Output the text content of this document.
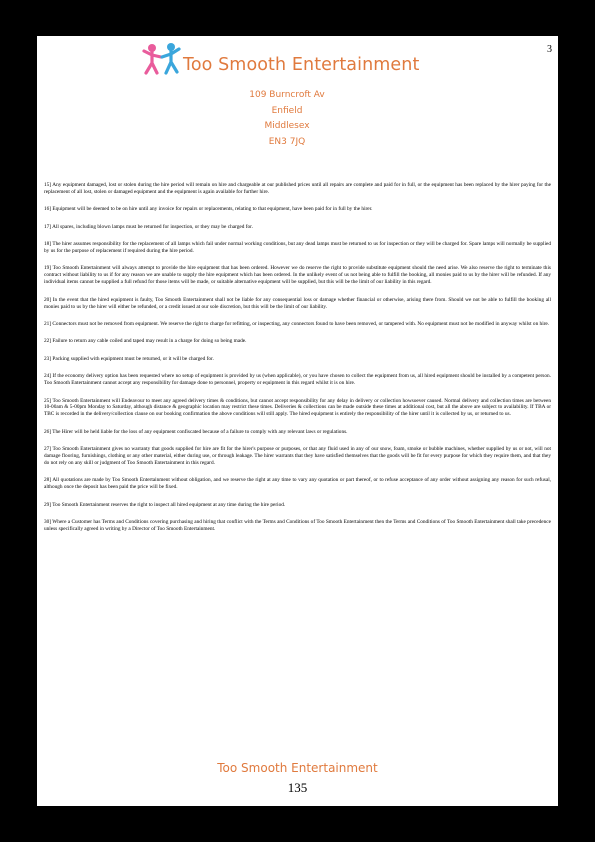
3
Too Smooth Entertainment
109 Burncroft Av
Enfield
Middlesex
EN3 7JQ

15] Any equipment damaged, lost or stolen during the hire period will remain on hire and chargeable at our published prices until all repairs are complete and paid for in full, or the equipment has been replaced by the hirer paying for the replacement of all lost, stolen or damaged equipment and the equipment is again available for further hire.

16] Equipment will be deemed to be on hire until any invoice for repairs or replacements, relating to that equipment, have been paid for in full by the hirer.

17] All spares, including blown lamps must be returned for inspection, or they may be charged for.

18] The hirer assumes responsibility for the replacement of all lamps which fail under normal working conditions, but any dead lamps must be returned to us for inspection or they will be charged for. Spare lamps will normally be supplied by us for the purpose of replacement if required during the hire period.

19] Too Smooth Entertainment will always attempt to provide the hire equipment that has been ordered. However we do reserve the right to provide substitute equipment should the need arise. We also reserve the right to terminate this contract without liability to us if for any reason we are unable to supply the hire equipment which has been ordered. In the unlikely event of us not being able to fulfill the booking, all monies paid to us by the hirer will be refunded. If any individual items cannot be supplied a full refund for those items will be made, or suitable alternative equipment will be supplied, but this will be the limit of our liability in this regard.

20] In the event that the hired equipment is faulty, Too Smooth Entertainment shall not be liable for any consequential loss or damage whether financial or otherwise, arising there from. Should we not be able to fulfill the booking all monies paid to us by the hirer will either be refunded, or a credit issued at our sole discretion, but this will be the limit of our liability.

21] Connectors must not be removed from equipment. We reserve the right to charge for refitting, or inspecting, any connectors found to have been removed, or tampered with. No equipment must not be modified in anyway whilst on hire.

22] Failure to return any cable coiled and taped may result in a charge for doing so being made.

23] Packing supplied with equipment must be returned, or it will be charged for.

24] If the economy delivery option has been requested where no setup of equipment is provided by us (when applicable), or you have chosen to collect the equipment from us, all hired equipment should be installed by a competent person. Too Smooth Entertainment cannot accept any responsibility for damage done to personnel, property or equipment in this regard whilst it is on hire.

25] Too Smooth Entertainment will Endeavour to meet any agreed delivery times & conditions, but cannot accept responsibility for any delay in delivery or collection howsoever caused. Normal delivery and collection times are between 10-00am & 5-00pm Monday to Saturday, although distance & geographic location may restrict these times. Deliveries & collections can be made outside these times at additional cost, but all the above are subject to availability. If TBA or TBC is recorded in the delivery/collection clause on our booking confirmation the above conditions will still apply. The hired equipment is entirely the responsibility of the hirer until it is collected by us, or returned to us.

26] The Hirer will be held liable for the loss of any equipment confiscated because of a failure to comply with any relevant laws or regulations.

27] Too Smooth Entertainment gives no warranty that goods supplied for hire are fit for the hirer's purpose or purposes, or that any fluid used in any of our snow, foam, smoke or bubble machines, whether supplied by us or not, will not damage flooring, furnishings, clothing or any other material, either during use, or through leakage. The hirer warrants that they have satisfied themselves that the goods will be fit for every purpose for which they require them, and that they do not rely on any skill or judgment of Too Smooth Entertainment in this regard.

28] All quotations are made by Too Smooth Entertainment without obligation, and we reserve the right at any time to vary any quotation or part thereof, or to refuse acceptance of any order without assigning any reason for such refusal, although once the deposit has been paid the price will be fixed.

29] Too Smooth Entertainment reserves the right to inspect all hired equipment at any time during the hire period.

30] Where a Customer has Terms and Conditions covering purchasing and hiring that conflict with the Terms and Conditions of Too Smooth Entertainment then the Terms and Conditions of Too Smooth Entertainment shall take precedence unless specifically agreed in writing by a Director of Too Smooth Entertainment.

Too Smooth Entertainment
135
